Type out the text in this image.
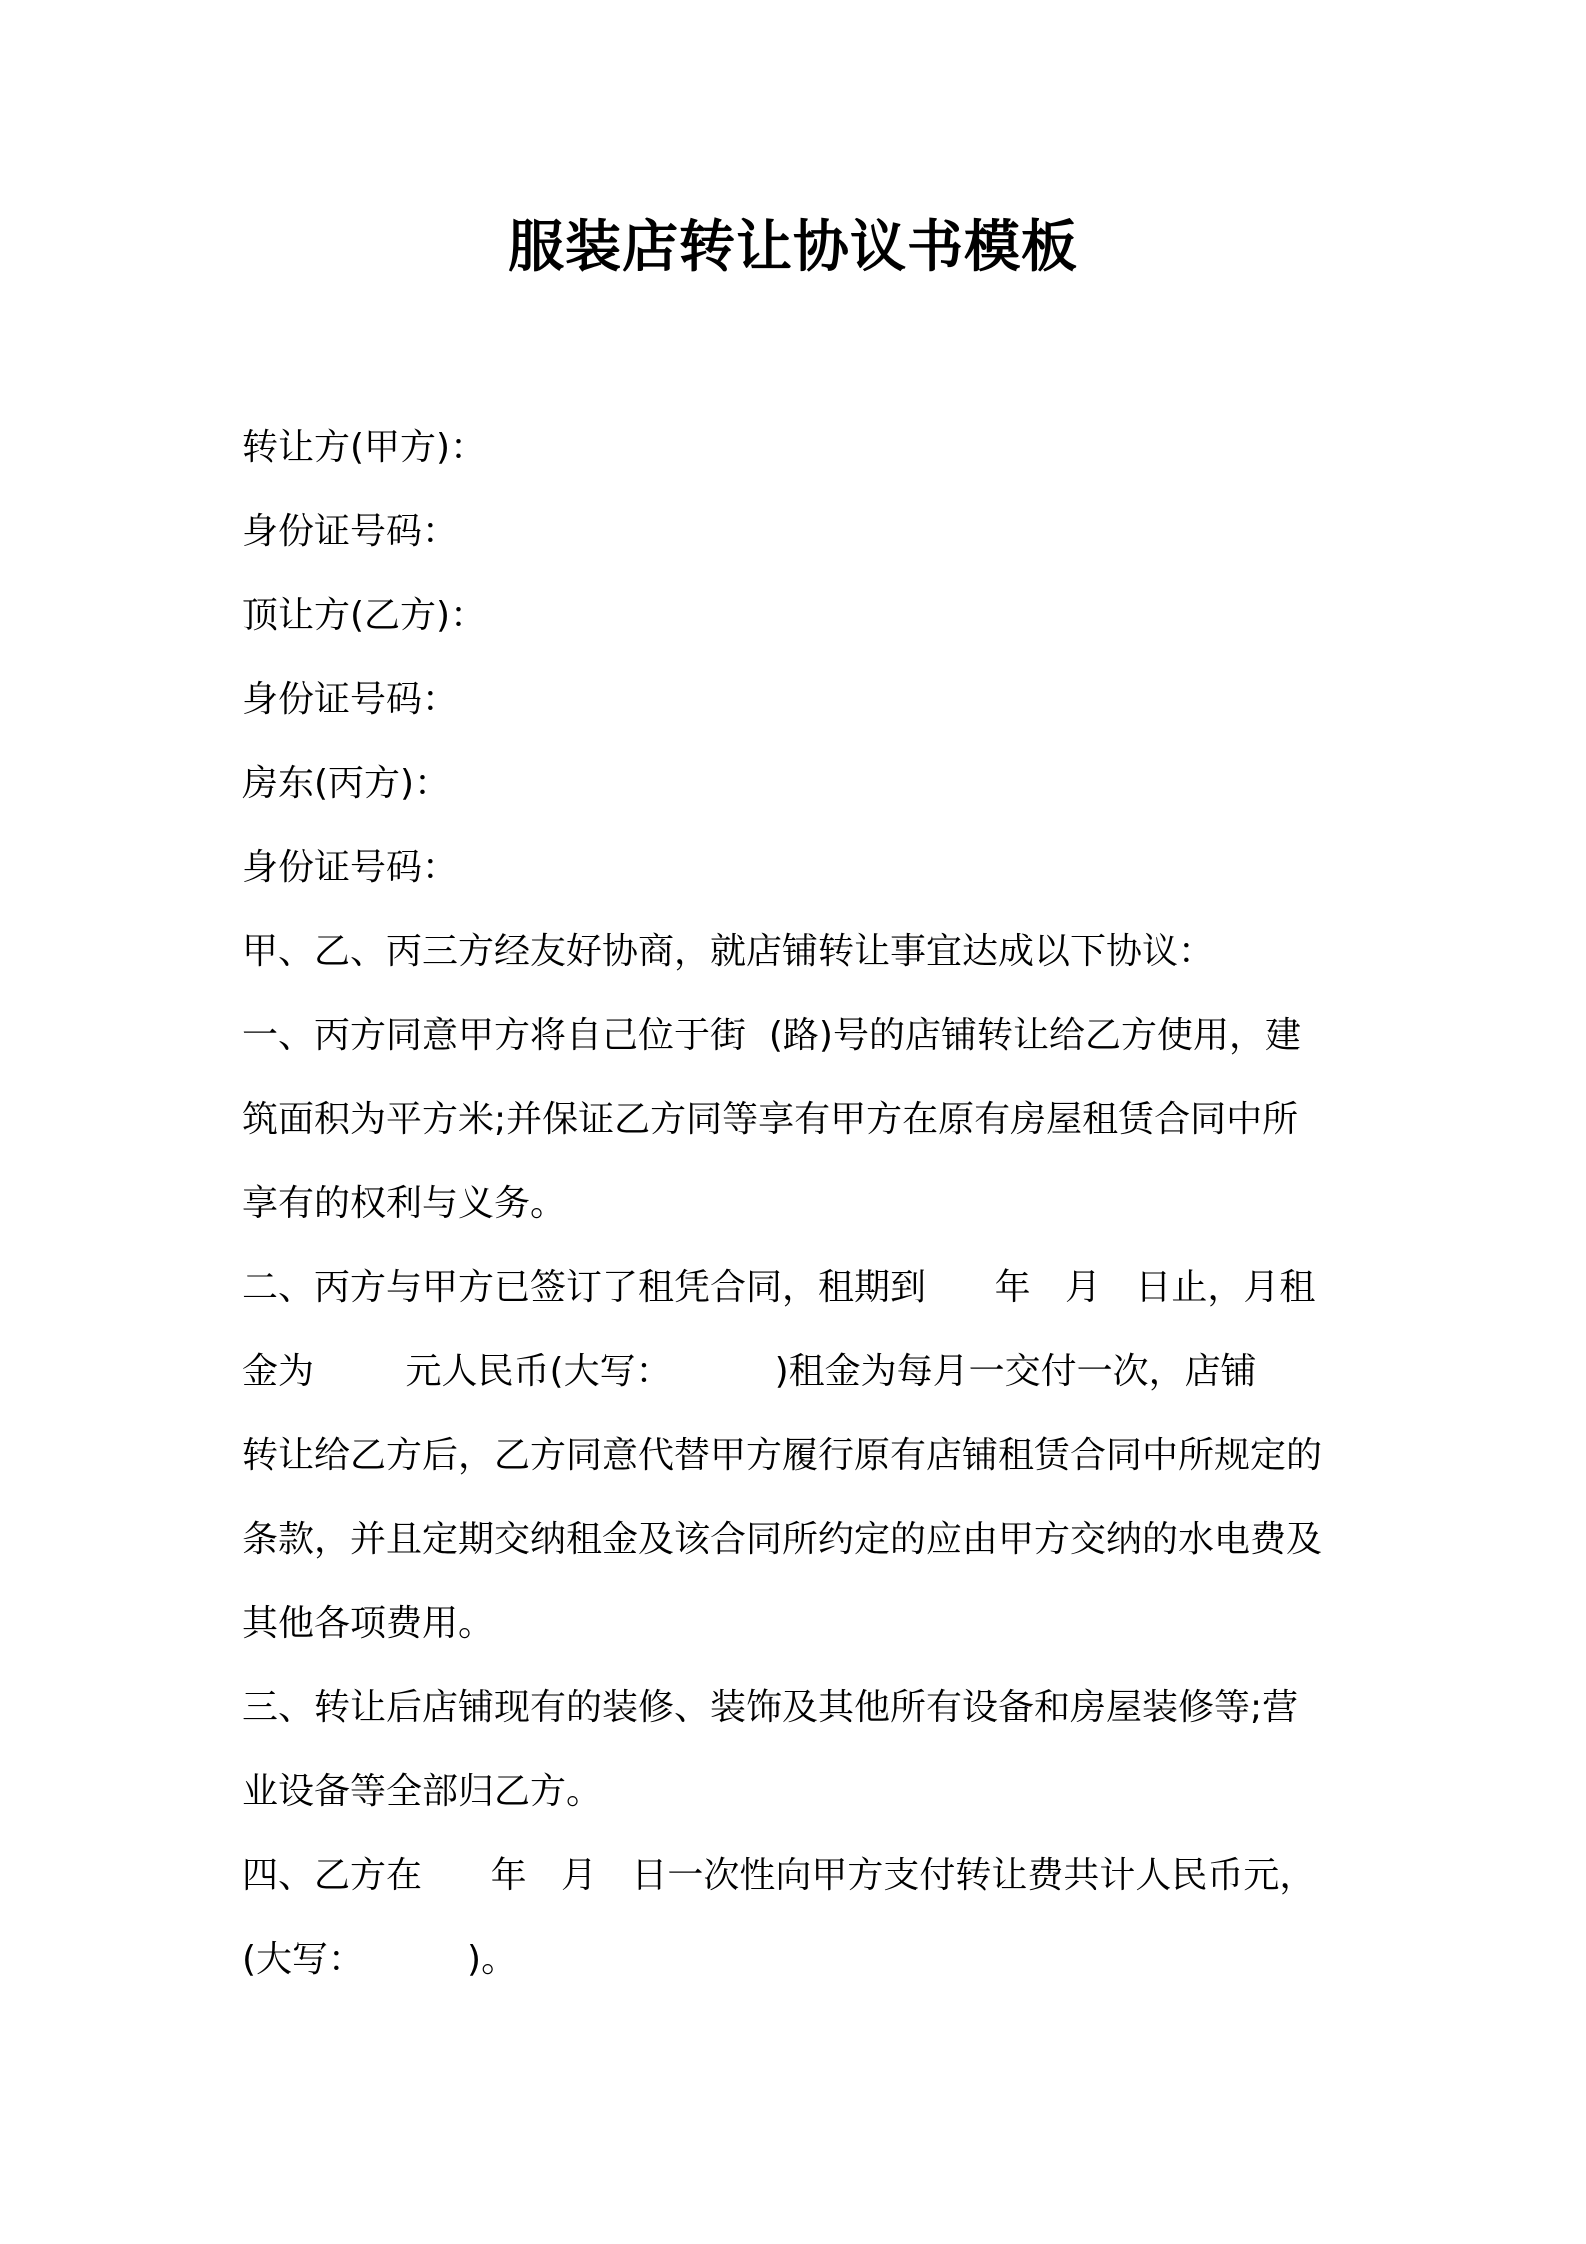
服装店转让协议书模板
转让方(甲方)：
身份证号码：
顶让方(乙方)：
身份证号码：
房东(丙方)：
身份证号码：
甲、乙、丙三方经友好协商，就店铺转让事宜达成以下协议：
一、丙方同意甲方将自己位于街  (路)号的店铺转让给乙方使用，建
筑面积为平方米;并保证乙方同等享有甲方在原有房屋租赁合同中所
享有的权利与义务。
二、丙方与甲方已签订了租凭合同，租期到      年   月   日止，月租
金为        元人民币(大写：         )租金为每月一交付一次，店铺
转让给乙方后，乙方同意代替甲方履行原有店铺租赁合同中所规定的
条款，并且定期交纳租金及该合同所约定的应由甲方交纳的水电费及
其他各项费用。
三、转让后店铺现有的装修、装饰及其他所有设备和房屋装修等;营
业设备等全部归乙方。
四、乙方在      年   月   日一次性向甲方支付转让费共计人民币元，
(大写：         )。
